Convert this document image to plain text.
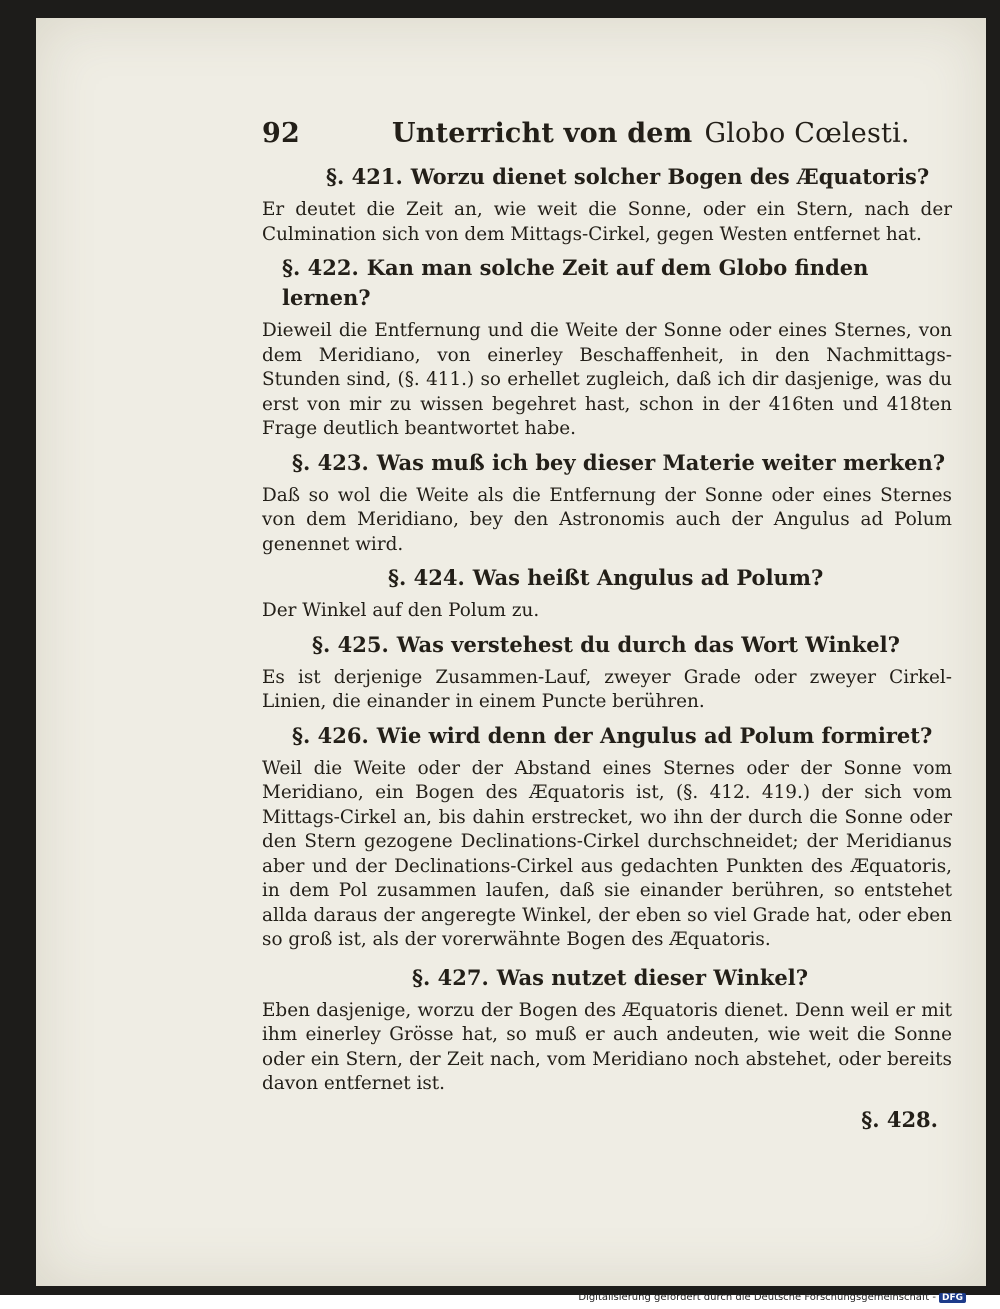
92	Unterricht von dem Globo Cœlesti.

§. 421. Worzu dienet solcher Bogen des Æquatoris?

Er deutet die Zeit an, wie weit die Sonne, oder ein Stern, nach der Culmination sich von dem Mittags-Cirkel, gegen Westen entfernet hat.

§. 422. Kan man solche Zeit auf dem Globo finden lernen?

Dieweil die Entfernung und die Weite der Sonne oder eines Sternes, von dem Meridiano, von einerley Beschaffenheit, in den Nachmittags-Stunden sind, (§. 411.) so erhellet zugleich, daß ich dir dasjenige, was du erst von mir zu wissen begehret hast, schon in der 416ten und 418ten Frage deutlich beantwortet habe.

§. 423. Was muß ich bey dieser Materie weiter merken?

Daß so wol die Weite als die Entfernung der Sonne oder eines Sternes von dem Meridiano, bey den Astronomis auch der Angulus ad Polum genennet wird.

§. 424. Was heißt Angulus ad Polum?

Der Winkel auf den Polum zu.

§. 425. Was verstehest du durch das Wort Winkel?

Es ist derjenige Zusammen-Lauf, zweyer Grade oder zweyer Cirkel-Linien, die einander in einem Puncte berühren.

§. 426. Wie wird denn der Angulus ad Polum formiret?

Weil die Weite oder der Abstand eines Sternes oder der Sonne vom Meridiano, ein Bogen des Æquatoris ist, (§. 412. 419.) der sich vom Mittags-Cirkel an, bis dahin erstrecket, wo ihn der durch die Sonne oder den Stern gezogene Declinations-Cirkel durchschneidet; der Meridianus aber und der Declinations-Cirkel aus gedachten Punkten des Æquatoris, in dem Pol zusammen laufen, daß sie einander berühren, so entstehet allda daraus der angeregte Winkel, der eben so viel Grade hat, oder eben so groß ist, als der vorerwähnte Bogen des Æquatoris.

§. 427. Was nutzet dieser Winkel?

Eben dasjenige, worzu der Bogen des Æquatoris dienet. Denn weil er mit ihm einerley Grösse hat, so muß er auch andeuten, wie weit die Sonne oder ein Stern, der Zeit nach, vom Meridiano noch abstehet, oder bereits davon entfernet ist.

§. 428.
Digitalisierung gefördert durch die Deutsche Forschungsgemeinschaft - DFG
